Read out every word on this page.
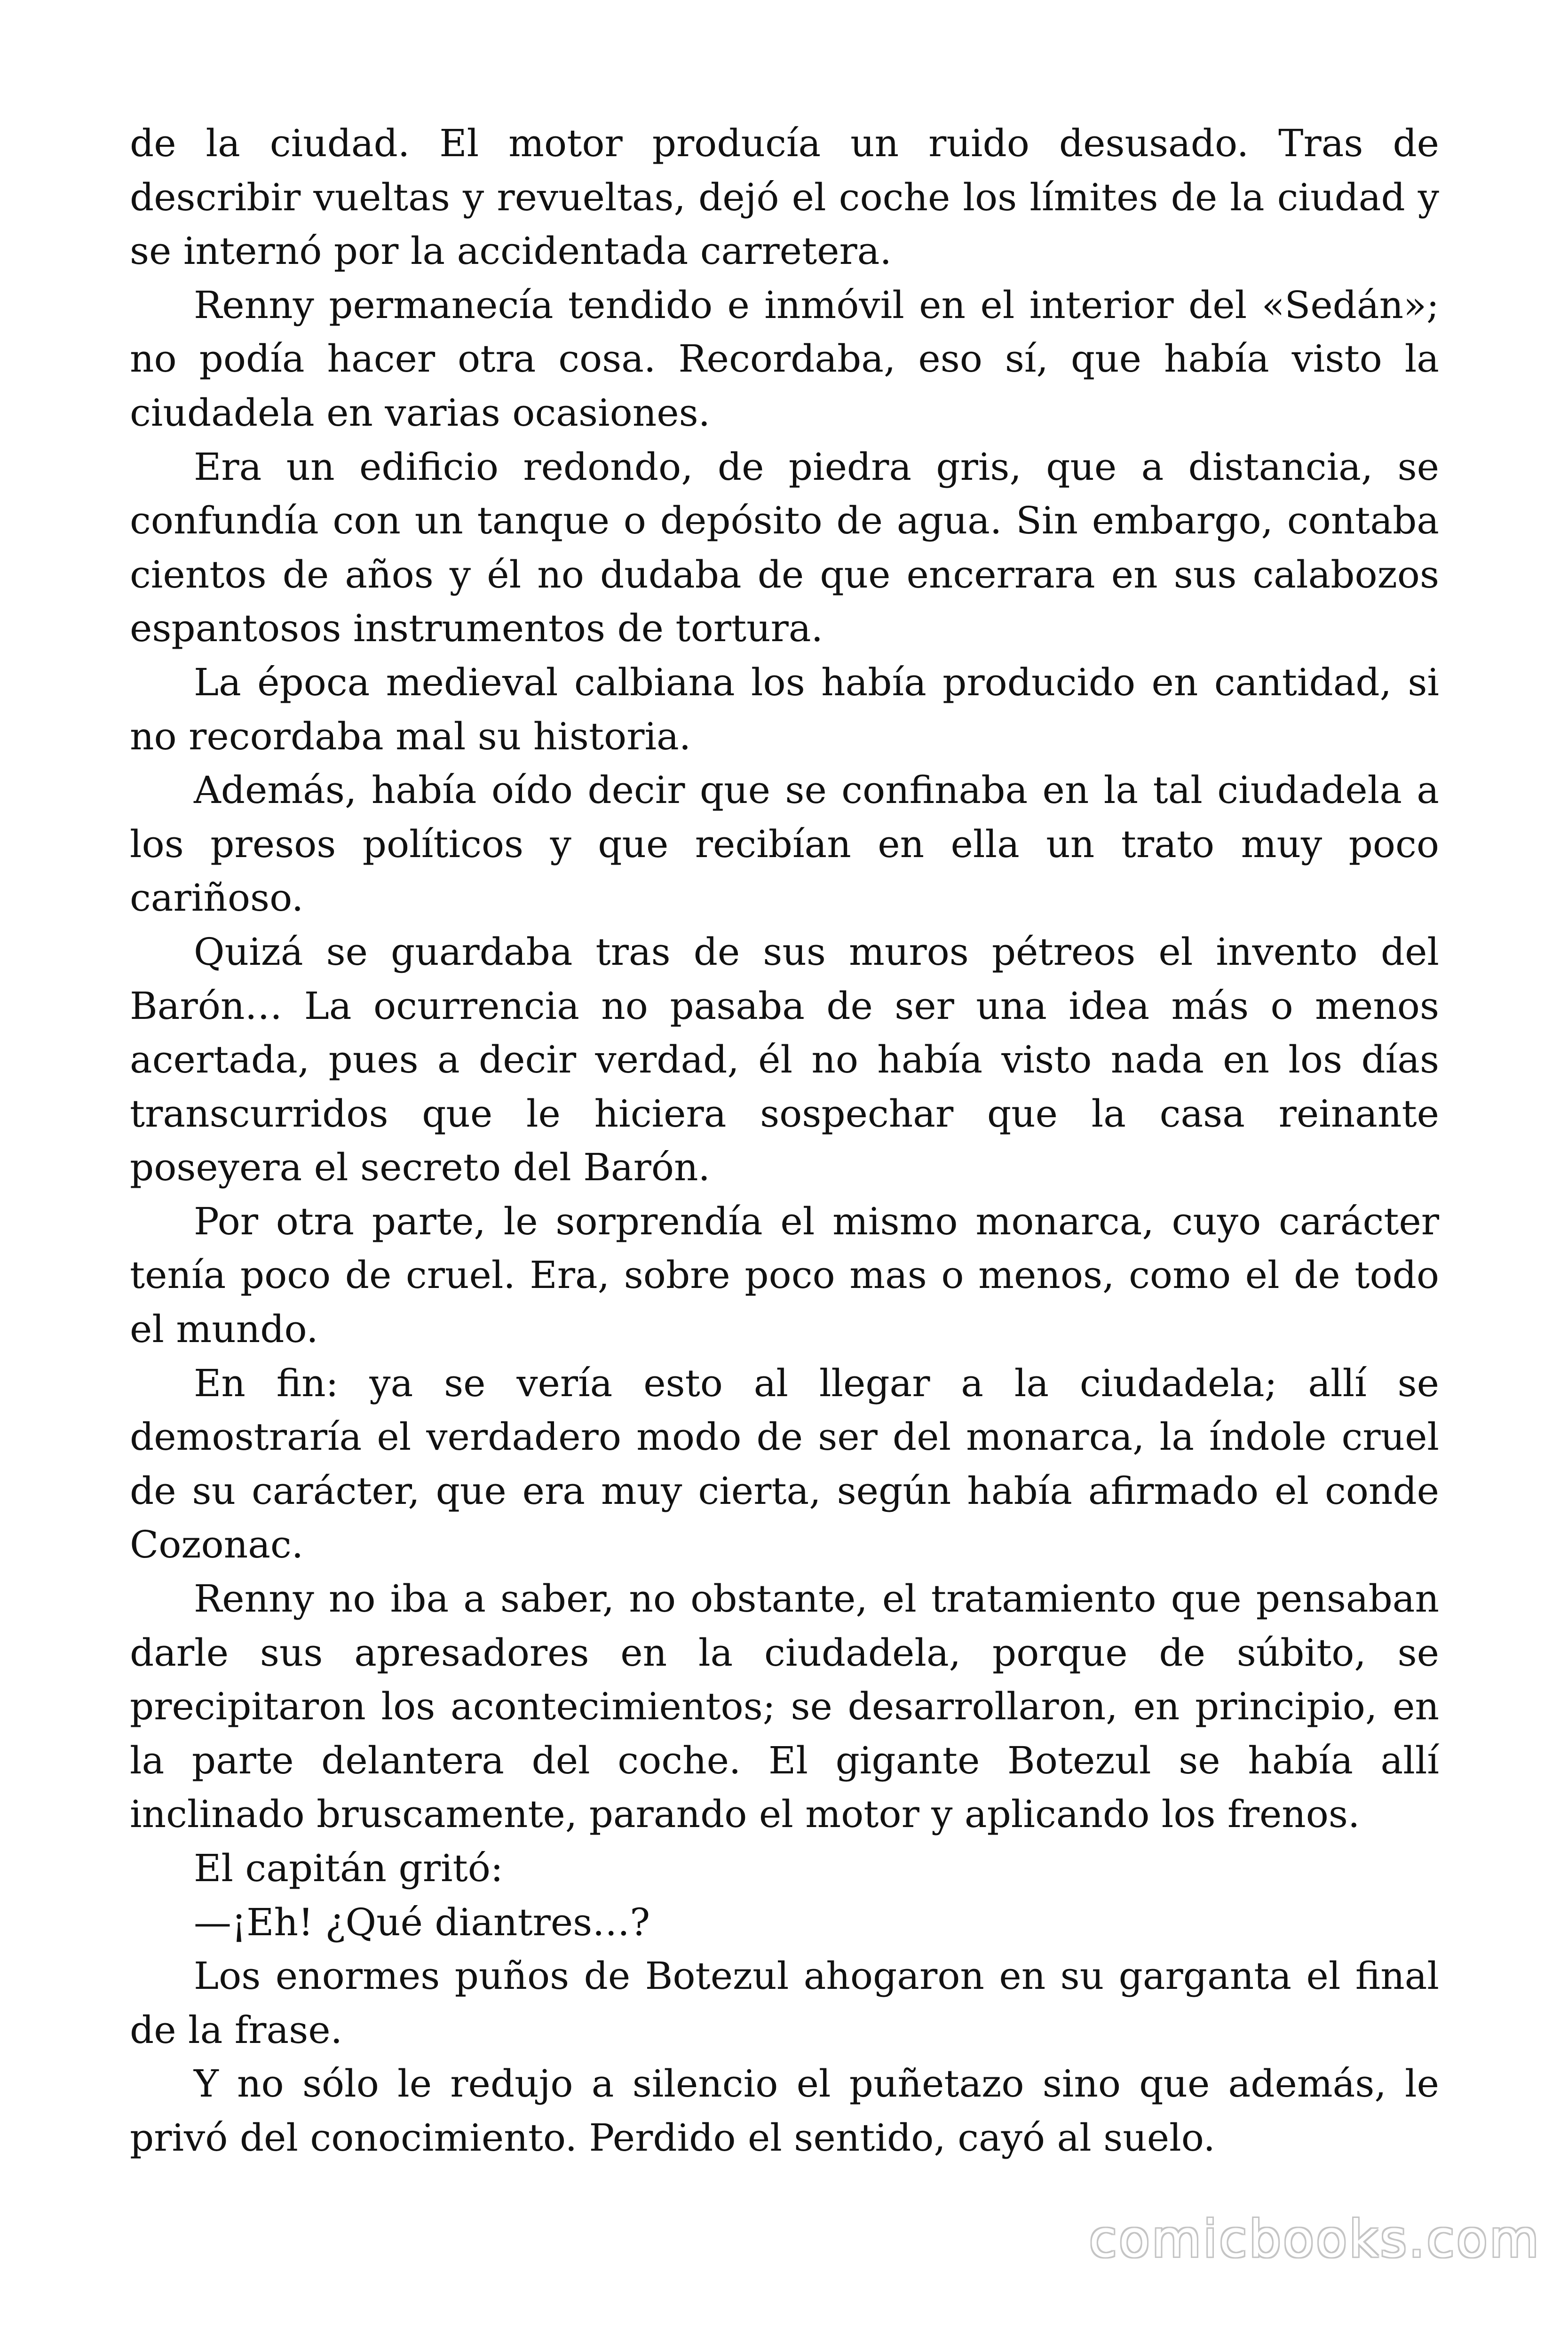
de la ciudad. El motor producía un ruido desusado. Tras de describir vueltas y revueltas, dejó el coche los límites de la ciudad y se internó por la accidentada carretera.

Renny permanecía tendido e inmóvil en el interior del «Sedán»; no podía hacer otra cosa. Recordaba, eso sí, que había visto la ciudadela en varias ocasiones.

Era un edificio redondo, de piedra gris, que a distancia, se confundía con un tanque o depósito de agua. Sin embargo, contaba cientos de años y él no dudaba de que encerrara en sus calabozos espantosos instrumentos de tortura.

La época medieval calbiana los había producido en cantidad, si no recordaba mal su historia.

Además, había oído decir que se confinaba en la tal ciudadela a los presos políticos y que recibían en ella un trato muy poco cariñoso.

Quizá se guardaba tras de sus muros pétreos el invento del Barón… La ocurrencia no pasaba de ser una idea más o menos acertada, pues a decir verdad, él no había visto nada en los días transcurridos que le hiciera sospechar que la casa reinante poseyera el secreto del Barón.

Por otra parte, le sorprendía el mismo monarca, cuyo carácter tenía poco de cruel. Era, sobre poco mas o menos, como el de todo el mundo.

En fin: ya se vería esto al llegar a la ciudadela; allí se demostraría el verdadero modo de ser del monarca, la índole cruel de su carácter, que era muy cierta, según había afirmado el conde Cozonac.

Renny no iba a saber, no obstante, el tratamiento que pensaban darle sus apresadores en la ciudadela, porque de súbito, se precipitaron los acontecimientos; se desarrollaron, en principio, en la parte delantera del coche. El gigante Botezul se había allí inclinado bruscamente, parando el motor y aplicando los frenos.

El capitán gritó:

—¡Eh! ¿Qué diantres…?

Los enormes puños de Botezul ahogaron en su garganta el final de la frase.

Y no sólo le redujo a silencio el puñetazo sino que además, le privó del conocimiento. Perdido el sentido, cayó al suelo.

comicbooks.com
